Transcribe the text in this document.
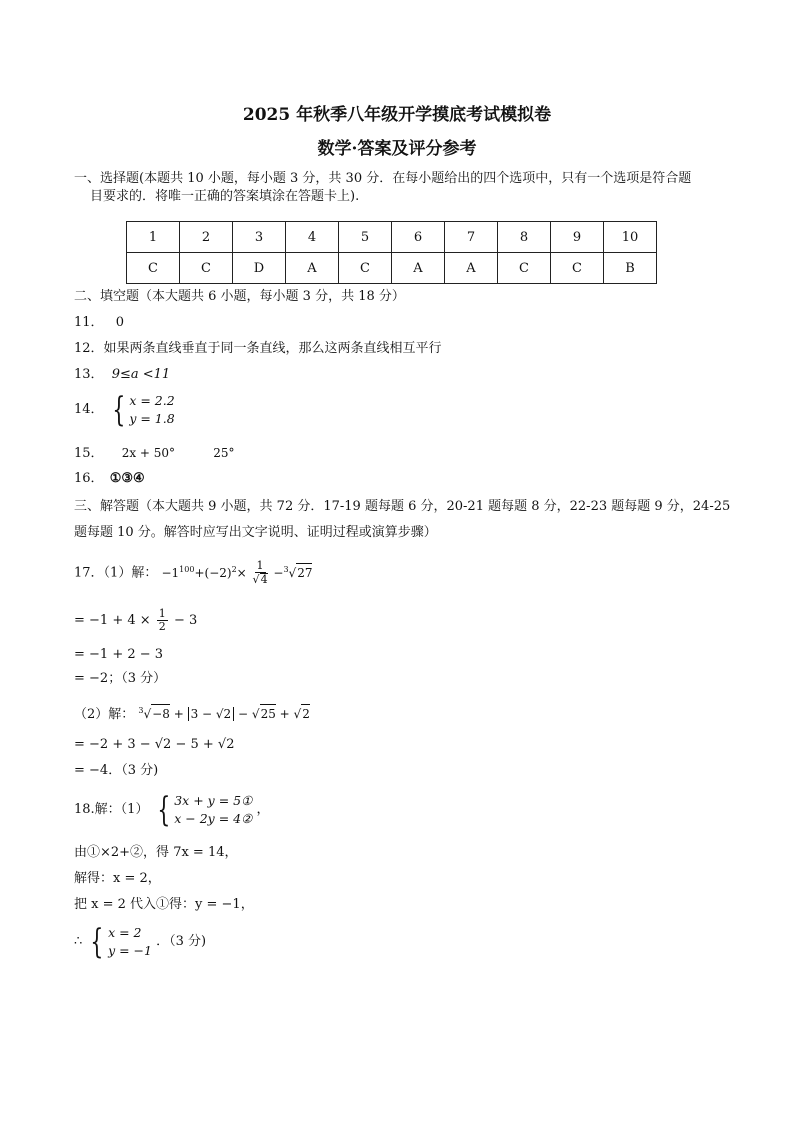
2025 年秋季八年级开学摸底考试模拟卷
数学·答案及评分参考
一、选择题(本题共 10 小题，每小题 3 分，共 30 分．在每小题给出的四个选项中，只有一个选项是符合题
目要求的．将唯一正确的答案填涂在答题卡上).
1	2	3	4	5	6	7	8	9	10
C	C	D	A	C	A	A	C	C	B
二、填空题（本大题共 6 小题，每小题 3 分，共 18 分）
11． 0
12．如果两条直线垂直于同一条直线，那么这两条直线相互平行
13． 9≤a <11
14． { x = 2.2
y = 1.8
15． 2x + 50°	25°
16． ①③④
三、解答题（本大题共 9 小题，共 72 分．17-19 题每题 6 分，20-21 题每题 8 分，22-23 题每题 9 分，24-25
题每题 10 分。解答时应写出文字说明、证明过程或演算步骤）
17．（1）解： $-1^{100}+(-2)^2\times \frac{1}{√4} -^3√27$
= $-1 + 4 \times \frac{1}{2} - 3$
= −1 + 2 − 3
= −2；（3 分）
（2）解： $^3$√−8 + 3 − √2 − √25 + √2
= −2 + 3 − √2 − 5 + √2
= −4．（3 分)
18.解：（1） { 3x + y = 5①
x − 2y = 4②
，
由①×2+②，得 7x = 14，
解得：x = 2，
把 x = 2 代入①得：y = −1，
∴ { x = 2
y = −1
．（3 分)
